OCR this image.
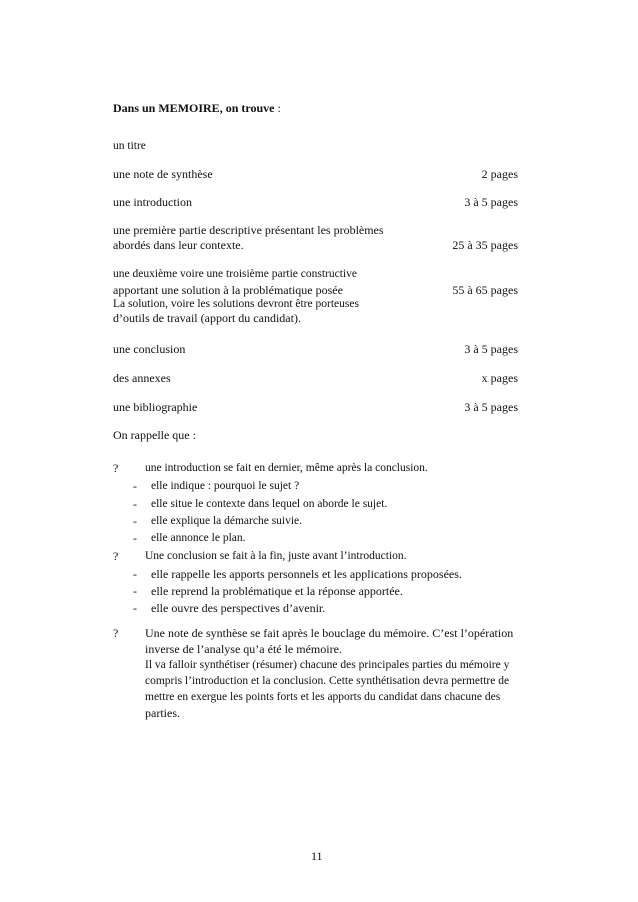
Dans un MEMOIRE, on trouve :
un titre
une note de synthèse	2 pages
une introduction	3 à 5 pages
une première partie descriptive présentant les problèmes
abordés dans leur contexte.	25 à 35 pages
une deuxième voire une troisième partie constructive
apportant une solution à la problématique posée	55 à 65 pages
La solution, voire les solutions devront être porteuses
d’outils de travail (apport du candidat).
une conclusion	3 à 5 pages
des annexes	x pages
une bibliographie	3 à 5 pages
On rappelle que :
? une introduction se fait en dernier, même après la conclusion.
- elle indique : pourquoi le sujet ?
- elle situe le contexte dans lequel on aborde le sujet.
- elle explique la démarche suivie.
- elle annonce le plan.
? Une conclusion se fait à la fin, juste avant l’introduction.
- elle rappelle les apports personnels et les applications proposées.
- elle reprend la problématique et la réponse apportée.
- elle ouvre des perspectives d’avenir.
? Une note de synthèse se fait après le bouclage du mémoire. C’est l’opération
inverse de l’analyse qu’a été le mémoire.
Il va falloir synthétiser (résumer) chacune des principales parties du mémoire y
compris l’introduction et la conclusion. Cette synthétisation devra permettre de
mettre en exergue les points forts et les apports du candidat dans chacune des
parties.
11
